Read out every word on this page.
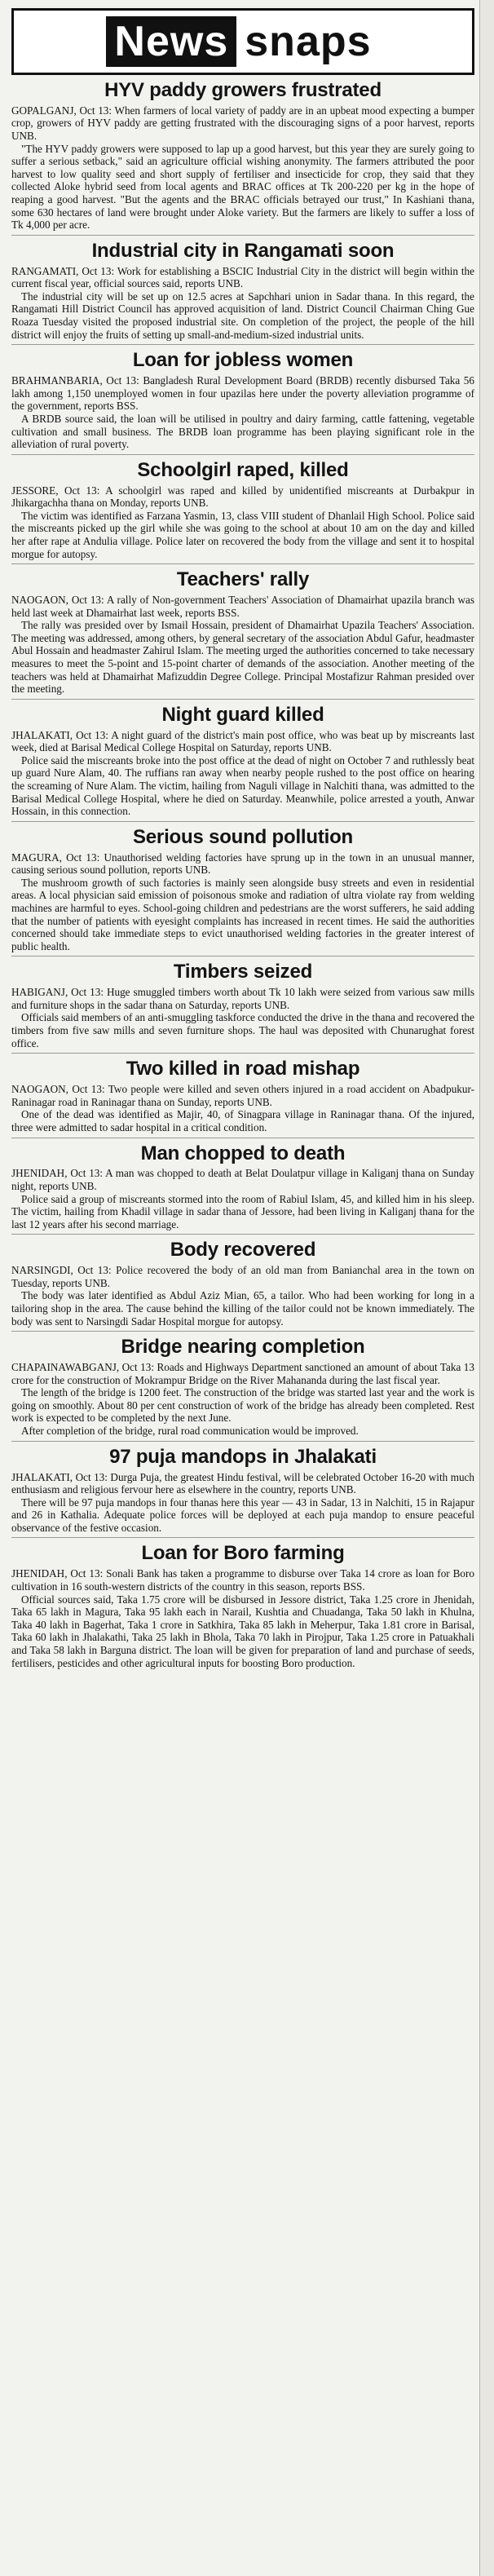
News snaps
HYV paddy growers frustrated

GOPALGANJ, Oct 13: When farmers of local variety of paddy are in an upbeat mood expecting a bumper crop, growers of HYV paddy are getting frustrated with the discouraging signs of a poor harvest, reports UNB.

"The HYV paddy growers were supposed to lap up a good harvest, but this year they are surely going to suffer a serious setback," said an agriculture official wishing anonymity. The farmers attributed the poor harvest to low quality seed and short supply of fertiliser and insecticide for crop, they said that they collected Aloke hybrid seed from local agents and BRAC offices at Tk 200-220 per kg in the hope of reaping a good harvest. "But the agents and the BRAC officials betrayed our trust," In Kashiani thana, some 630 hectares of land were brought under Aloke variety. But the farmers are likely to suffer a loss of Tk 4,000 per acre.

Industrial city in Rangamati soon

RANGAMATI, Oct 13: Work for establishing a BSCIC Industrial City in the district will begin within the current fiscal year, official sources said, reports UNB.

The industrial city will be set up on 12.5 acres at Sapchhari union in Sadar thana. In this regard, the Rangamati Hill District Council has approved acquisition of land. District Council Chairman Ching Gue Roaza Tuesday visited the proposed industrial site. On completion of the project, the people of the hill district will enjoy the fruits of setting up small-and-medium-sized industrial units.

Loan for jobless women

BRAHMANBARIA, Oct 13: Bangladesh Rural Development Board (BRDB) recently disbursed Taka 56 lakh among 1,150 unemployed women in four upazilas here under the poverty alleviation programme of the government, reports BSS.

A BRDB source said, the loan will be utilised in poultry and dairy farming, cattle fattening, vegetable cultivation and small business. The BRDB loan programme has been playing significant role in the alleviation of rural poverty.

Schoolgirl raped, killed

JESSORE, Oct 13: A schoolgirl was raped and killed by unidentified miscreants at Durbakpur in Jhikargachha thana on Monday, reports UNB.

The victim was identified as Farzana Yasmin, 13, class VIII student of Dhanlail High School. Police said the miscreants picked up the girl while she was going to the school at about 10 am on the day and killed her after rape at Andulia village. Police later on recovered the body from the village and sent it to hospital morgue for autopsy.

Teachers' rally

NAOGAON, Oct 13: A rally of Non-government Teachers' Association of Dhamairhat upazila branch was held last week at Dhamairhat last week, reports BSS.

The rally was presided over by Ismail Hossain, president of Dhamairhat Upazila Teachers' Association. The meeting was addressed, among others, by general secretary of the association Abdul Gafur, headmaster Abul Hossain and headmaster Zahirul Islam. The meeting urged the authorities concerned to take necessary measures to meet the 5-point and 15-point charter of demands of the association. Another meeting of the teachers was held at Dhamairhat Mafizuddin Degree College. Principal Mostafizur Rahman presided over the meeting.

Night guard killed

JHALAKATI, Oct 13: A night guard of the district's main post office, who was beat up by miscreants last week, died at Barisal Medical College Hospital on Saturday, reports UNB.

Police said the miscreants broke into the post office at the dead of night on October 7 and ruthlessly beat up guard Nure Alam, 40. The ruffians ran away when nearby people rushed to the post office on hearing the screaming of Nure Alam. The victim, hailing from Naguli village in Nalchiti thana, was admitted to the Barisal Medical College Hospital, where he died on Saturday. Meanwhile, police arrested a youth, Anwar Hossain, in this connection.

Serious sound pollution

MAGURA, Oct 13: Unauthorised welding factories have sprung up in the town in an unusual manner, causing serious sound pollution, reports UNB.

The mushroom growth of such factories is mainly seen alongside busy streets and even in residential areas. A local physician said emission of poisonous smoke and radiation of ultra violate ray from welding machines are harmful to eyes. School-going children and pedestrians are the worst sufferers, he said adding that the number of patients with eyesight complaints has increased in recent times. He said the authorities concerned should take immediate steps to evict unauthorised welding factories in the greater interest of public health.

Timbers seized

HABIGANJ, Oct 13: Huge smuggled timbers worth about Tk 10 lakh were seized from various saw mills and furniture shops in the sadar thana on Saturday, reports UNB.

Officials said members of an anti-smuggling taskforce conducted the drive in the thana and recovered the timbers from five saw mills and seven furniture shops. The haul was deposited with Chunarughat forest office.

Two killed in road mishap

NAOGAON, Oct 13: Two people were killed and seven others injured in a road accident on Abadpukur-Raninagar road in Raninagar thana on Sunday, reports UNB.

One of the dead was identified as Majir, 40, of Sinagpara village in Raninagar thana. Of the injured, three were admitted to sadar hospital in a critical condition.

Man chopped to death

JHENIDAH, Oct 13: A man was chopped to death at Belat Doulatpur village in Kaliganj thana on Sunday night, reports UNB.

Police said a group of miscreants stormed into the room of Rabiul Islam, 45, and killed him in his sleep. The victim, hailing from Khadil village in sadar thana of Jessore, had been living in Kaliganj thana for the last 12 years after his second marriage.

Body recovered

NARSINGDI, Oct 13: Police recovered the body of an old man from Banianchal area in the town on Tuesday, reports UNB.

The body was later identified as Abdul Aziz Mian, 65, a tailor. Who had been working for long in a tailoring shop in the area. The cause behind the killing of the tailor could not be known immediately. The body was sent to Narsingdi Sadar Hospital morgue for autopsy.

Bridge nearing completion

CHAPAINAWABGANJ, Oct 13: Roads and Highways Department sanctioned an amount of about Taka 13 crore for the construction of Mokrampur Bridge on the River Mahananda during the last fiscal year.

The length of the bridge is 1200 feet. The construction of the bridge was started last year and the work is going on smoothly. About 80 per cent construction of work of the bridge has already been completed. Rest work is expected to be completed by the next June.

After completion of the bridge, rural road communication would be improved.

97 puja mandops in Jhalakati

JHALAKATI, Oct 13: Durga Puja, the greatest Hindu festival, will be celebrated October 16-20 with much enthusiasm and religious fervour here as elsewhere in the country, reports UNB.

There will be 97 puja mandops in four thanas here this year — 43 in Sadar, 13 in Nalchiti, 15 in Rajapur and 26 in Kathalia. Adequate police forces will be deployed at each puja mandop to ensure peaceful observance of the festive occasion.

Loan for Boro farming

JHENIDAH, Oct 13: Sonali Bank has taken a programme to disburse over Taka 14 crore as loan for Boro cultivation in 16 south-western districts of the country in this season, reports BSS.

Official sources said, Taka 1.75 crore will be disbursed in Jessore district, Taka 1.25 crore in Jhenidah, Taka 65 lakh in Magura, Taka 95 lakh each in Narail, Kushtia and Chuadanga, Taka 50 lakh in Khulna, Taka 40 lakh in Bagerhat, Taka 1 crore in Satkhira, Taka 85 lakh in Meherpur, Taka 1.81 crore in Barisal, Taka 60 lakh in Jhalakathi, Taka 25 lakh in Bhola, Taka 70 lakh in Pirojpur, Taka 1.25 crore in Patuakhali and Taka 58 lakh in Barguna district. The loan will be given for preparation of land and purchase of seeds, fertilisers, pesticides and other agricultural inputs for boosting Boro production.
